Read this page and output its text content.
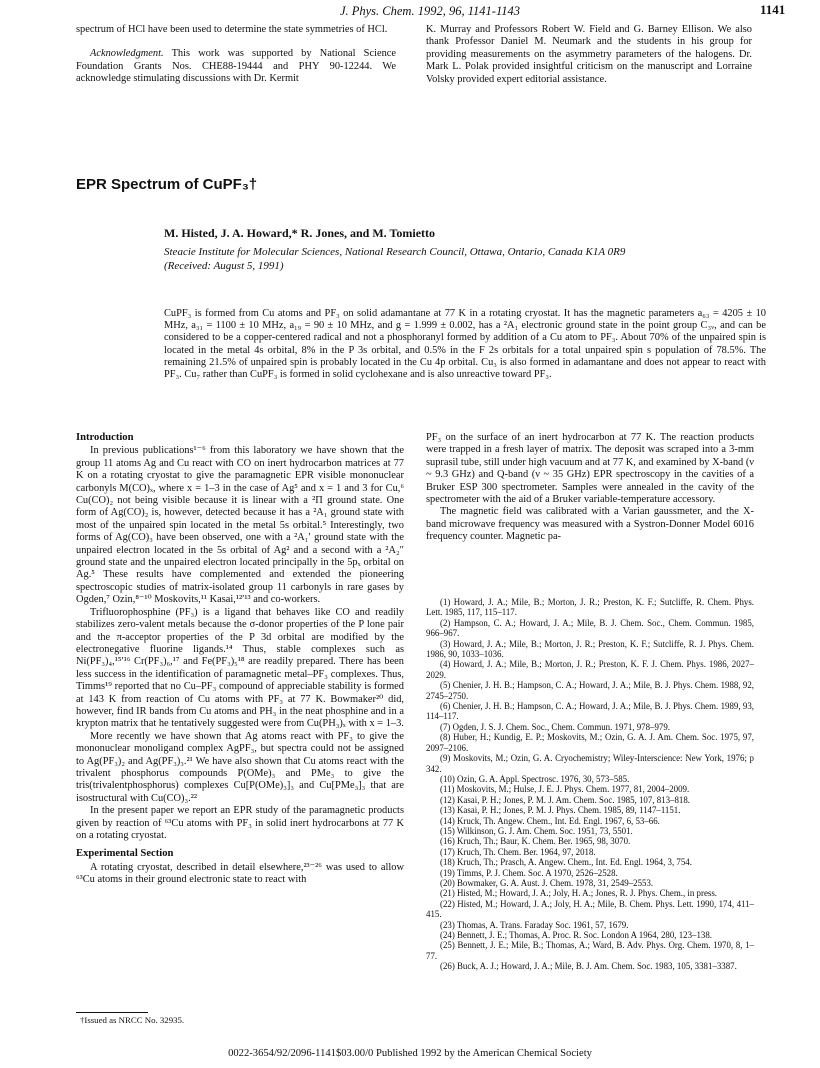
J. Phys. Chem. 1992, 96, 1141-1143	1141

spectrum of HCl have been used to determine the state symmetries of HCl.

Acknowledgment. This work was supported by National Science Foundation Grants Nos. CHE88-19444 and PHY 90-12244. We acknowledge stimulating discussions with Dr. Kermit

K. Murray and Professors Robert W. Field and G. Barney Ellison. We also thank Professor Daniel M. Neumark and the students in his group for providing measurements on the asymmetry parameters of the halogens. Dr. Mark L. Polak provided insightful criticism on the manuscript and Lorraine Volsky provided expert editorial assistance.

EPR Spectrum of CuPF₃†
M. Histed, J. A. Howard,* R. Jones, and M. Tomietto
Steacie Institute for Molecular Sciences, National Research Council, Ottawa, Ontario, Canada K1A 0R9
(Received: August 5, 1991)
CuPF₃ is formed from Cu atoms and PF₃ on solid adamantane at 77 K in a rotating cryostat. It has the magnetic parameters a₆₃ = 4205 ± 10 MHz, a₃₁ = 1100 ± 10 MHz, a₁₉ = 90 ± 10 MHz, and g = 1.999 ± 0.002, has a ²A₁ electronic ground state in the point group C₃ᵥ, and can be considered to be a copper-centered radical and not a phosphoranyl formed by addition of a Cu atom to PF₃. About 70% of the unpaired spin is located in the metal 4s orbital, 8% in the P 3s orbital, and 0.5% in the F 2s orbitals for a total unpaired spin s population of 78.5%. The remaining 21.5% of unpaired spin is probably located in the Cu 4p orbital. Cu₃ is also formed in adamantane and does not appear to react with PF₃. Cu₇ rather than CuPF₃ is formed in solid cyclohexane and is also unreactive toward PF₃.
Introduction

In previous publications¹⁻⁶ from this laboratory we have shown that the group 11 atoms Ag and Cu react with CO on inert hydrocarbon matrices at 77 K on a rotating cryostat to give the paramagnetic EPR visible mononuclear carbonyls M(CO)ₓ, where x = 1–3 in the case of Ag⁵ and x = 1 and 3 for Cu,⁶ Cu(CO)₂ not being visible because it is linear with a ²Π ground state. One form of Ag(CO)₂ is, however, detected because it has a ²A₁ ground state with most of the unpaired spin located in the metal 5s orbital.⁵ Interestingly, two forms of Ag(CO)₃ have been observed, one with a ²A₁′ ground state with the unpaired electron located in the 5s orbital of Ag² and a second with a ²A₂″ ground state and the unpaired electron located principally in the 5pₓ orbital on Ag.⁵ These results have complemented and extended the pioneering spectroscopic studies of matrix-isolated group 11 carbonyls in rare gases by Ogden,⁷ Ozin,⁸⁻¹⁰ Moskovits,¹¹ Kasai,¹²ʹ¹³ and co-workers.

Trifluorophosphine (PF₃) is a ligand that behaves like CO and readily stabilizes zero-valent metals because the σ-donor properties of the P lone pair and the π-acceptor properties of the P 3d orbital are modified by the electronegative fluorine ligands.¹⁴ Thus, stable complexes such as Ni(PF₃)₄,¹⁵ʹ¹⁶ Cr(PF₃)₆,¹⁷ and Fe(PF₃)₅¹⁸ are readily prepared. There has been less success in the identification of paramagnetic metal–PF₃ complexes. Thus, Timms¹⁹ reported that no Cu–PF₃ compound of appreciable stability is formed at 143 K from reaction of Cu atoms with PF₃ at 77 K. Bowmaker²⁰ did, however, find IR bands from Cu atoms and PH₃ in the neat phosphine and in a krypton matrix that he tentatively suggested were from Cu(PH₃)ₓ with x = 1–3.

More recently we have shown that Ag atoms react with PF₃ to give the mononuclear monoligand complex AgPF₃, but spectra could not be assigned to Ag(PF₃)₂ and Ag(PF₃)₃.²¹ We have also shown that Cu atoms react with the trivalent phosphorus compounds P(OMe)₃ and PMe₃ to give the tris(trivalentphosphorus) complexes Cu[P(OMe)₃]₃ and Cu[PMe₃]₃ that are isostructural with Cu(CO)₃.²²

In the present paper we report an EPR study of the paramagnetic products given by reaction of ⁶³Cu atoms with PF₃ in solid inert hydrocarbons at 77 K on a rotating cryostat.

Experimental Section

A rotating cryostat, described in detail elsewhere,²³⁻²⁶ was used to allow ⁶³Cu atoms in their ground electronic state to react with

†Issued as NRCC No. 32935.

PF₃ on the surface of an inert hydrocarbon at 77 K. The reaction products were trapped in a fresh layer of matrix. The deposit was scraped into a 3-mm suprasil tube, still under high vacuum and at 77 K, and examined by X-band (ν ~ 9.3 GHz) and Q-band (ν ~ 35 GHz) EPR spectroscopy in the cavities of a Bruker ESP 300 spectrometer. Samples were annealed in the cavity of the spectrometer with the aid of a Bruker variable-temperature accessory.

The magnetic field was calibrated with a Varian gaussmeter, and the X-band microwave frequency was measured with a Systron-Donner Model 6016 frequency counter. Magnetic pa-

(1) Howard, J. A.; Mile, B.; Morton, J. R.; Preston, K. F.; Sutcliffe, R. Chem. Phys. Lett. 1985, 117, 115–117.
(2) Hampson, C. A.; Howard, J. A.; Mile, B. J. Chem. Soc., Chem. Commun. 1985, 966–967.
(3) Howard, J. A.; Mile, B.; Morton, J. R.; Preston, K. F.; Sutcliffe, R. J. Phys. Chem. 1986, 90, 1033–1036.
(4) Howard, J. A.; Mile, B.; Morton, J. R.; Preston, K. F. J. Chem. Phys. 1986, 2027–2029.
(5) Chenier, J. H. B.; Hampson, C. A.; Howard, J. A.; Mile, B. J. Phys. Chem. 1988, 92, 2745–2750.
(6) Chenier, J. H. B.; Hampson, C. A.; Howard, J. A.; Mile, B. J. Phys. Chem. 1989, 93, 114–117.
(7) Ogden, J. S. J. Chem. Soc., Chem. Commun. 1971, 978–979.
(8) Huber, H.; Kundig, E. P.; Moskovits, M.; Ozin, G. A. J. Am. Chem. Soc. 1975, 97, 2097–2106.
(9) Moskovits, M.; Ozin, G. A. Cryochemistry; Wiley-Interscience: New York, 1976; p 342.
(10) Ozin, G. A. Appl. Spectrosc. 1976, 30, 573–585.
(11) Moskovits, M.; Hulse, J. E. J. Phys. Chem. 1977, 81, 2004–2009.
(12) Kasai, P. H.; Jones, P. M. J. Am. Chem. Soc. 1985, 107, 813–818.
(13) Kasai, P. H.; Jones, P. M. J. Phys. Chem. 1985, 89, 1147–1151.
(14) Kruck, Th. Angew. Chem., Int. Ed. Engl. 1967, 6, 53–66.
(15) Wilkinson, G. J. Am. Chem. Soc. 1951, 73, 5501.
(16) Kruch, Th.; Baur, K. Chem. Ber. 1965, 98, 3070.
(17) Kruch, Th. Chem. Ber. 1964, 97, 2018.
(18) Kruch, Th.; Prasch, A. Angew. Chem., Int. Ed. Engl. 1964, 3, 754.
(19) Timms, P. J. Chem. Soc. A 1970, 2526–2528.
(20) Bowmaker, G. A. Aust. J. Chem. 1978, 31, 2549–2553.
(21) Histed, M.; Howard, J. A.; Joly, H. A.; Jones, R. J. Phys. Chem., in press.
(22) Histed, M.; Howard, J. A.; Joly, H. A.; Mile, B. Chem. Phys. Lett. 1990, 174, 411–415.
(23) Thomas, A. Trans. Faraday Soc. 1961, 57, 1679.
(24) Bennett, J. E.; Thomas, A. Proc. R. Soc. London A 1964, 280, 123–138.
(25) Bennett, J. E.; Mile, B.; Thomas, A.; Ward, B. Adv. Phys. Org. Chem. 1970, 8, 1–77.
(26) Buck, A. J.; Howard, J. A.; Mile, B. J. Am. Chem. Soc. 1983, 105, 3381–3387.
0022-3654/92/2096-1141$03.00/0 Published 1992 by the American Chemical Society
